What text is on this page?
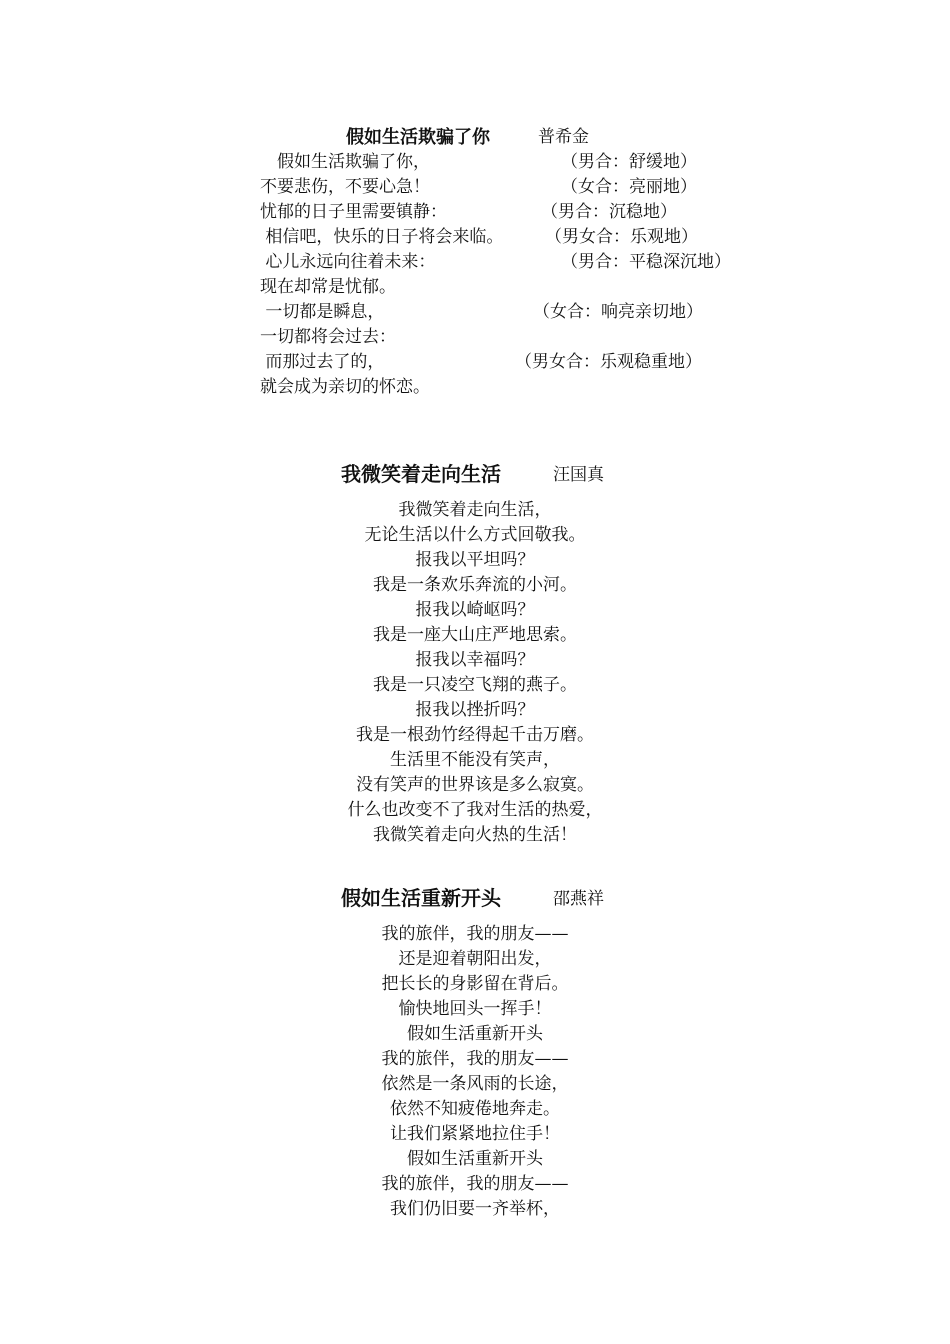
假如生活欺骗了你	普希金
　假如生活欺骗了你，	（男合：舒缓地）
不要悲伤，不要心急！	（女合：亮丽地）
忧郁的日子里需要镇静：	（男合：沉稳地）
相信吧，快乐的日子将会来临。 （男女合：乐观地）
心儿永远向往着未来：	（男合：平稳深沉地）
现在却常是忧郁。
一切都是瞬息，	（女合：响亮亲切地）
一切都将会过去：
而那过去了的，	（男女合：乐观稳重地）
就会成为亲切的怀恋。
我微笑着走向生活	汪国真
我微笑着走向生活，
无论生活以什么方式回敬我。
报我以平坦吗？
我是一条欢乐奔流的小河。
报我以崎岖吗？
我是一座大山庄严地思索。
报我以幸福吗？
我是一只凌空飞翔的燕子。
报我以挫折吗？
我是一根劲竹经得起千击万磨。
生活里不能没有笑声，
没有笑声的世界该是多么寂寞。
什么也改变不了我对生活的热爱，
我微笑着走向火热的生活！
假如生活重新开头	邵燕祥
我的旅伴，我的朋友——
还是迎着朝阳出发，
把长长的身影留在背后。
愉快地回头一挥手！
假如生活重新开头
我的旅伴，我的朋友——
依然是一条风雨的长途，
依然不知疲倦地奔走。
让我们紧紧地拉住手！
假如生活重新开头
我的旅伴，我的朋友——
我们仍旧要一齐举杯，
